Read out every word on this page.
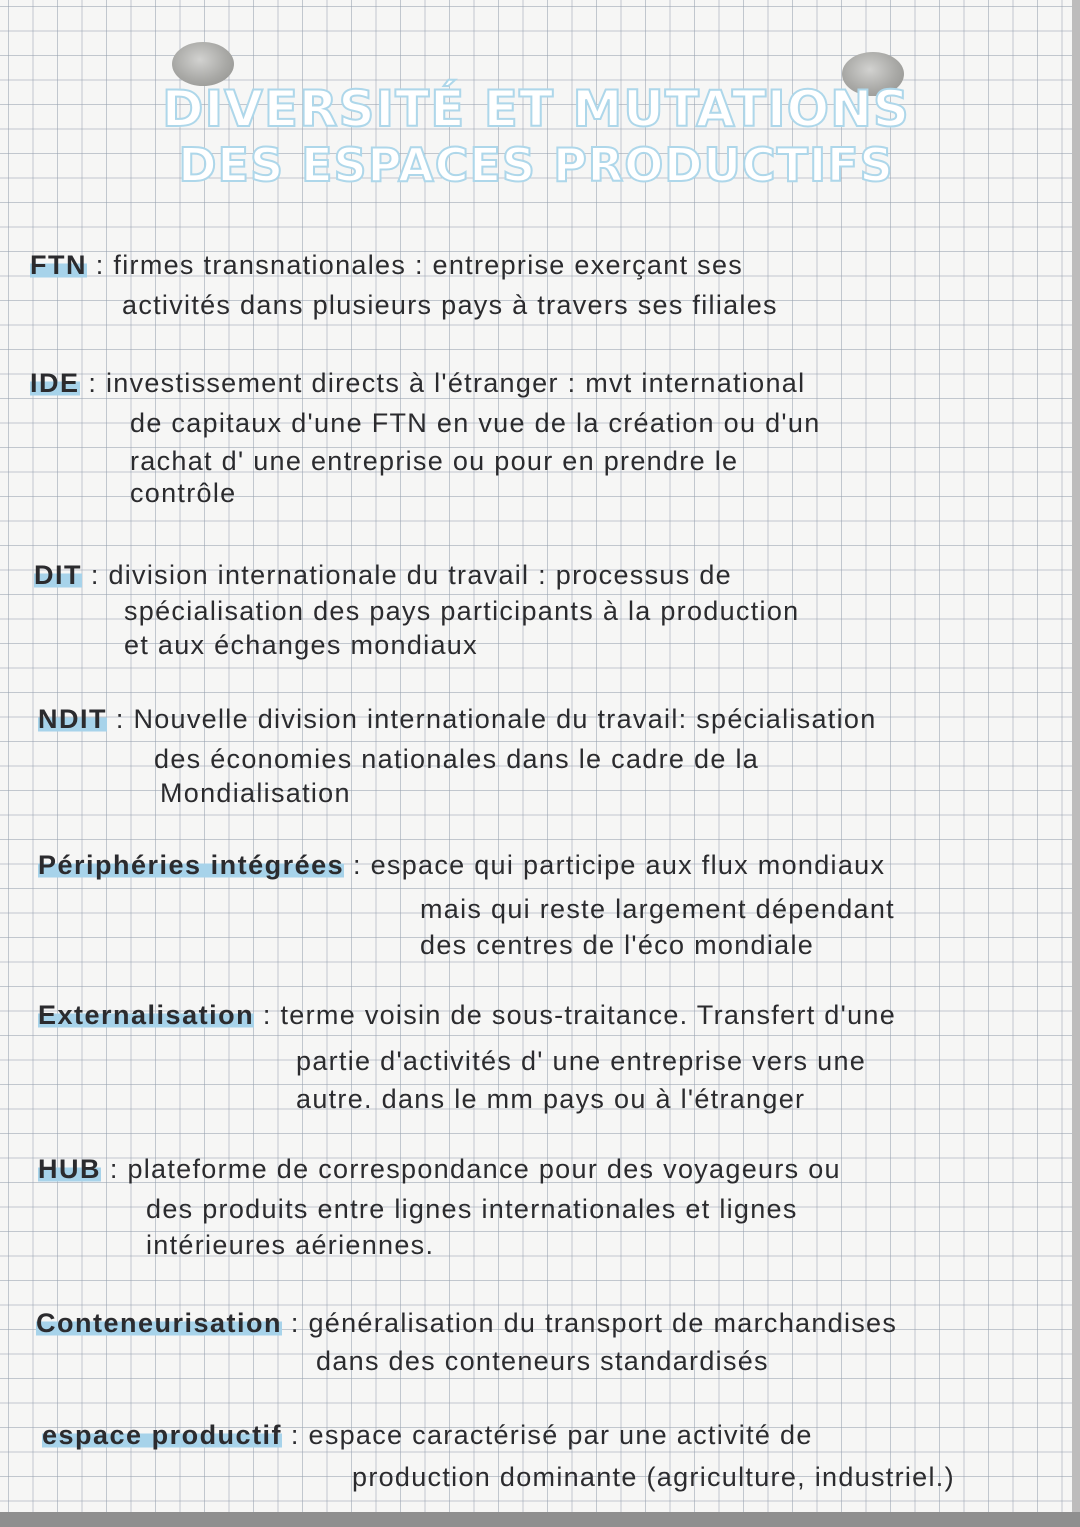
DIVERSITÉ ET MUTATIONS
DES ESPACES PRODUCTIFS
FTN : firmes transnationales : entreprise exerçant ses
activités dans plusieurs pays à travers ses filiales
IDE : investissement directs à l'étranger : mvt international
de capitaux d'une FTN en vue de la création ou d'un
rachat d' une entreprise ou pour en prendre le
contrôle
DIT : division internationale du travail : processus de
spécialisation des pays participants à la production
et aux échanges mondiaux
NDIT : Nouvelle division internationale du travail: spécialisation
des économies nationales dans le cadre de la
Mondialisation
Périphéries intégrées : espace qui participe aux flux mondiaux
mais qui reste largement dépendant
des centres de l'éco mondiale
Externalisation : terme voisin de sous-traitance. Transfert d'une
partie d'activités d' une entreprise vers une
autre. dans le mm pays ou à l'étranger
HUB : plateforme de correspondance pour des voyageurs ou
des produits entre lignes internationales et lignes
intérieures aériennes.
Conteneurisation : généralisation du transport de marchandises
dans des conteneurs standardisés
espace productif : espace caractérisé par une activité de
production dominante (agriculture, industriel.)
